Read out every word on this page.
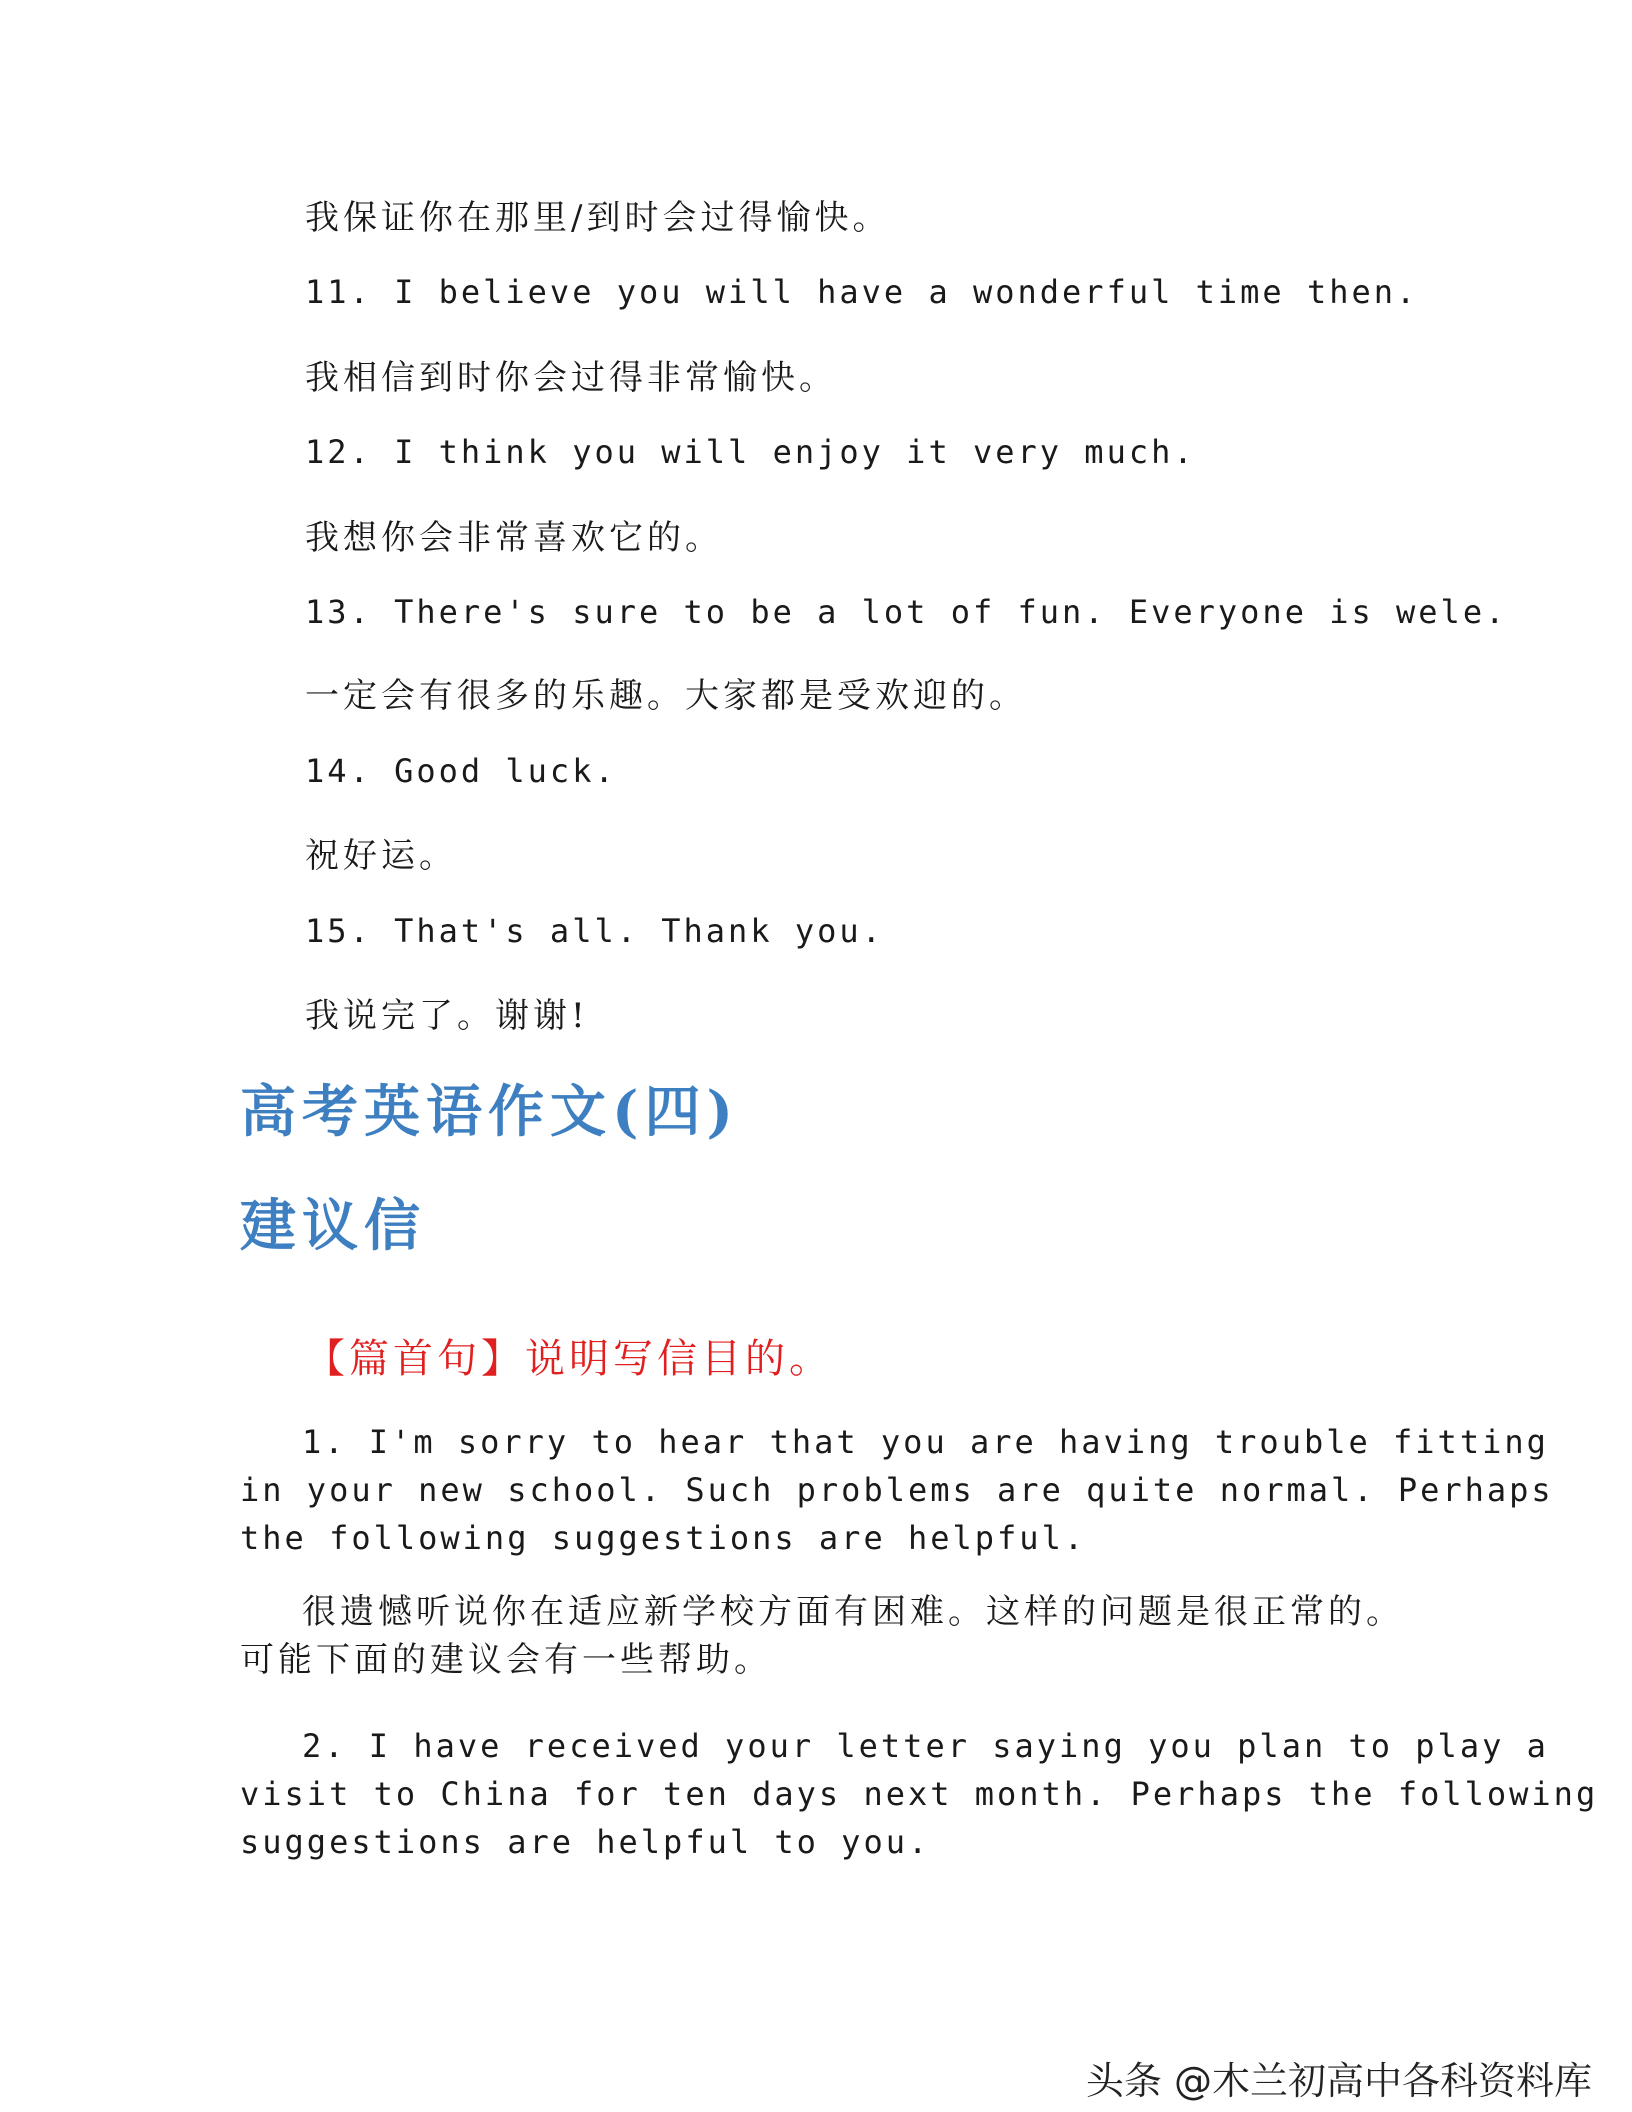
我保证你在那里/到时会过得愉快。

11. I believe you will have a wonderful time then.

我相信到时你会过得非常愉快。

12. I think you will enjoy it very much.

我想你会非常喜欢它的。

13. There's sure to be a lot of fun. Everyone is wele.

一定会有很多的乐趣。大家都是受欢迎的。

14. Good luck.

祝好运。

15. That's all. Thank you.

我说完了。谢谢!

高考英语作文(四)
建议信

【篇首句】说明写信目的。

1. I'm sorry to hear that you are having trouble fitting
in your new school. Such problems are quite normal. Perhaps
the following suggestions are helpful.
很遗憾听说你在适应新学校方面有困难。这样的问题是很正常的。
可能下面的建议会有一些帮助。
2. I have received your letter saying you plan to play a
visit to China for ten days next month. Perhaps the following
suggestions are helpful to you.
头条 @木兰初高中各科资料库
